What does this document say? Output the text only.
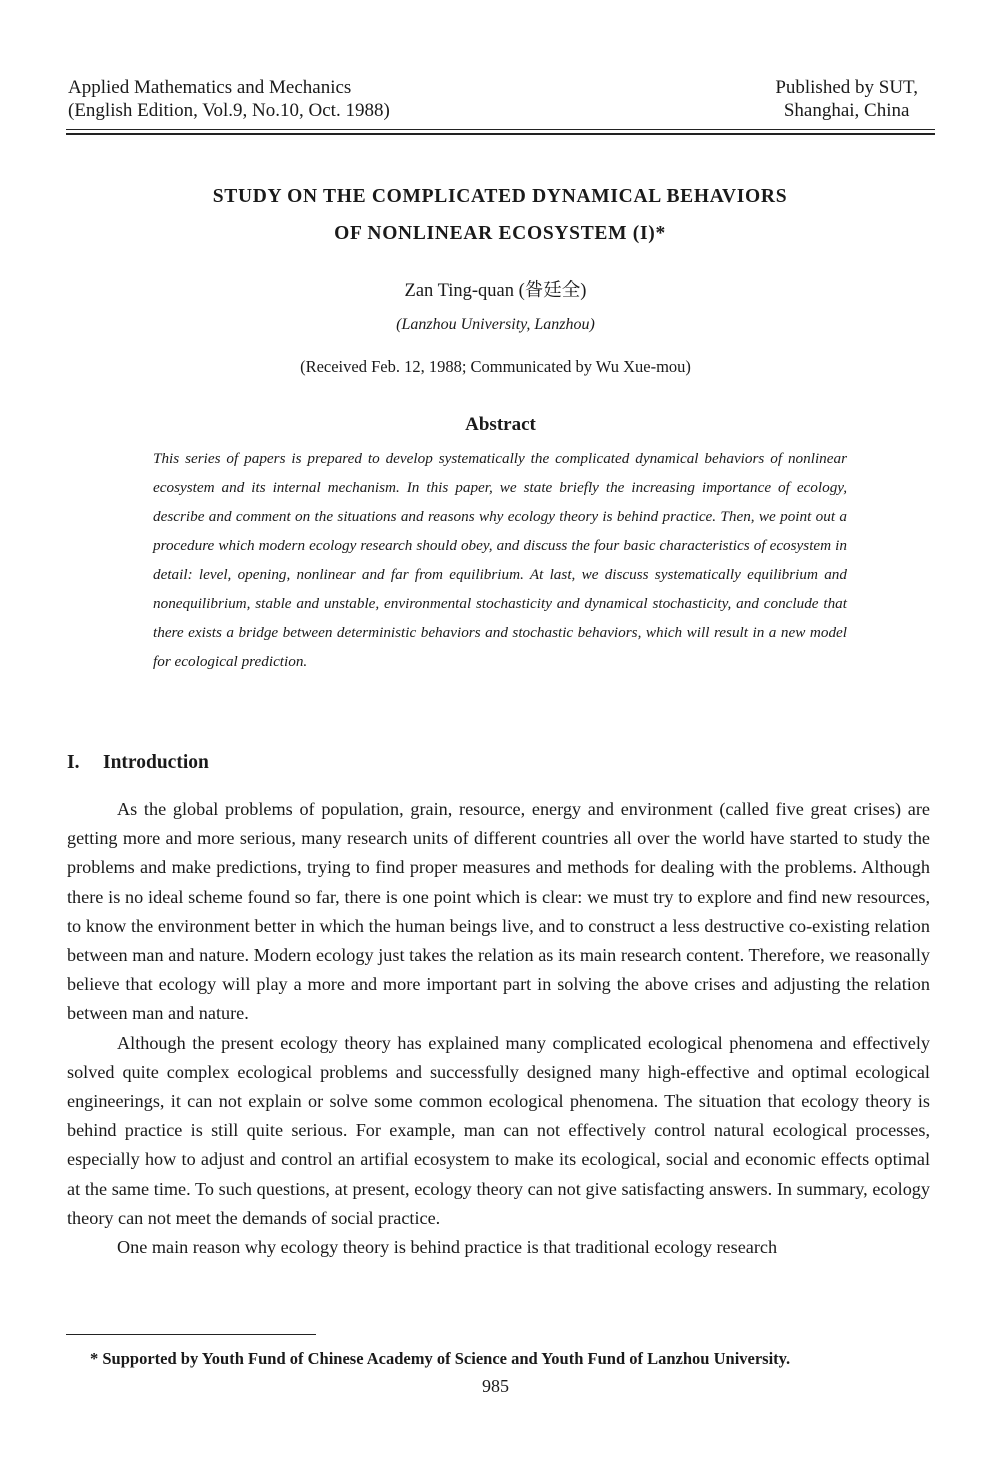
Applied Mathematics and Mechanics
(English Edition, Vol.9, No.10, Oct. 1988)
Published by SUT,
Shanghai, China
STUDY ON THE COMPLICATED DYNAMICAL BEHAVIORS
OF NONLINEAR ECOSYSTEM (I)*
Zan Ting-quan (昝廷全)
(Lanzhou University, Lanzhou)
(Received Feb. 12, 1988; Communicated by Wu Xue-mou)
Abstract
This series of papers is prepared to develop systematically the complicated dynamical behaviors of nonlinear ecosystem and its internal mechanism. In this paper, we state briefly the increasing importance of ecology, describe and comment on the situations and reasons why ecology theory is behind practice. Then, we point out a procedure which modern ecology research should obey, and discuss the four basic characteristics of ecosystem in detail: level, opening, nonlinear and far from equilibrium. At last, we discuss systematically equilibrium and nonequilibrium, stable and unstable, environmental stochasticity and dynamical stochasticity, and conclude that there exists a bridge between deterministic behaviors and stochastic behaviors, which will result in a new model for ecological prediction.
I. Introduction

As the global problems of population, grain, resource, energy and environment (called five great crises) are getting more and more serious, many research units of different countries all over the world have started to study the problems and make predictions, trying to find proper measures and methods for dealing with the problems. Although there is no ideal scheme found so far, there is one point which is clear: we must try to explore and find new resources, to know the environment better in which the human beings live, and to construct a less destructive co-existing relation between man and nature. Modern ecology just takes the relation as its main research content. Therefore, we reasonally believe that ecology will play a more and more important part in solving the above crises and adjusting the relation between man and nature.

Although the present ecology theory has explained many complicated ecological phenomena and effectively solved quite complex ecological problems and successfully designed many high-effective and optimal ecological engineerings, it can not explain or solve some common ecological phenomena. The situation that ecology theory is behind practice is still quite serious. For example, man can not effectively control natural ecological processes, especially how to adjust and control an artifial ecosystem to make its ecological, social and economic effects optimal at the same time. To such questions, at present, ecology theory can not give satisfacting answers. In summary, ecology theory can not meet the demands of social practice.

One main reason why ecology theory is behind practice is that traditional ecology research

* Supported by Youth Fund of Chinese Academy of Science and Youth Fund of Lanzhou University.
985
